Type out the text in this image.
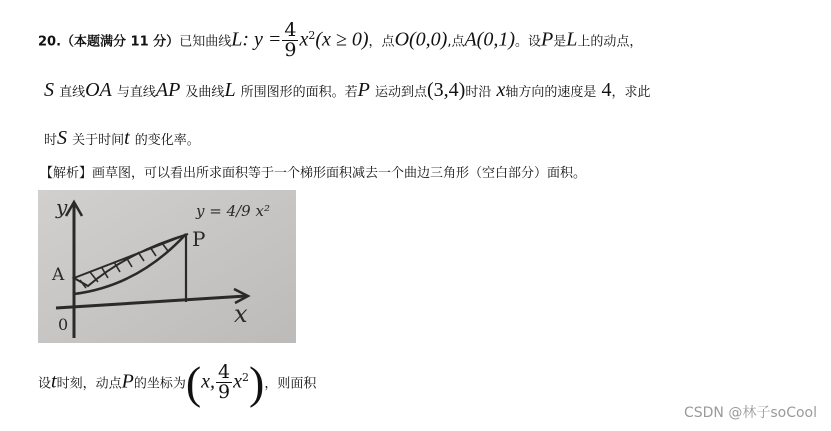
20.（本题满分 11 分）已知曲线L: $y = \frac{4}{9} x^2(x \ge 0)$，点O(0,0),点A(0,1)。设P是L上的动点，
S 直线OA 与直线AP 及曲线L 所围图形的面积。若P 运动到点(3,4)时沿 x轴方向的速度是 4，求此
时S 关于时间t 的变化率。
【解析】画草图，可以看出所求面积等于一个梯形面积减去一个曲边三角形（空白部分）面积。
y
x
0
A
P
y = 4/9 x²
设t时刻，动点P的坐标为(x, $\frac{4}{9} x^2$)，则面积
CSDN @林子soCool
